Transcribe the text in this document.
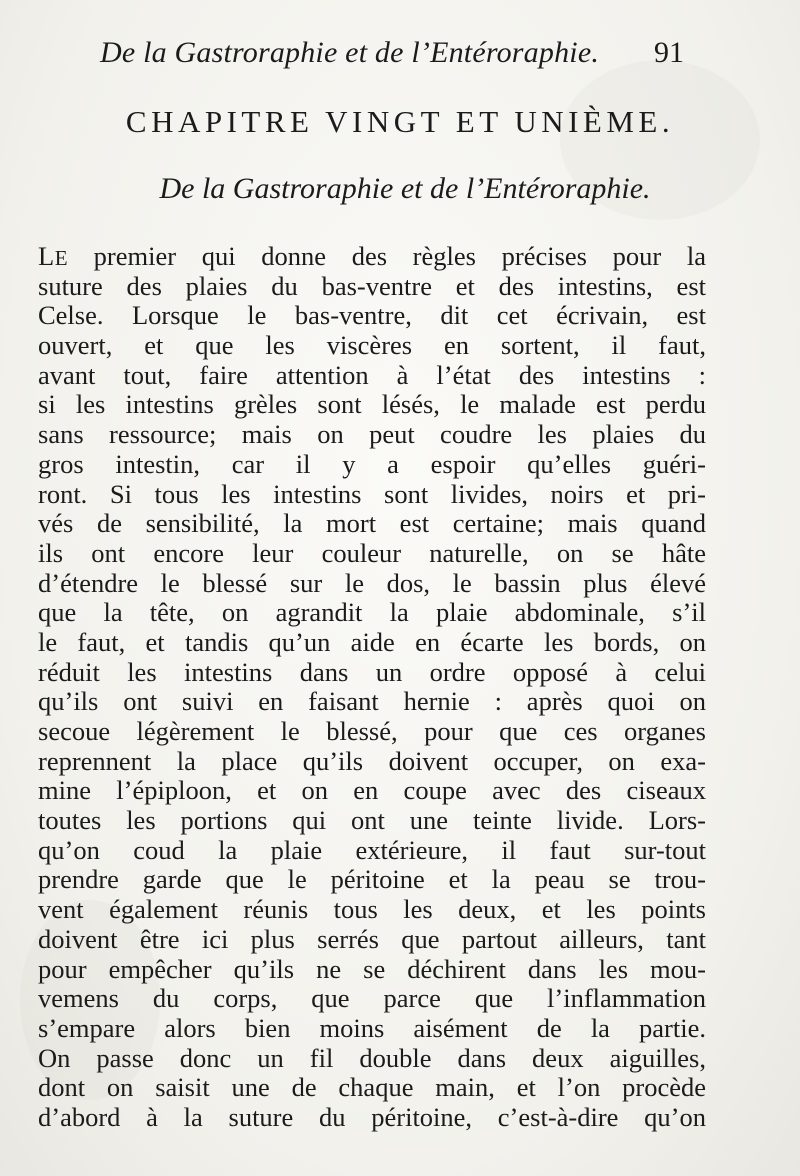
De la Gastroraphie et de l’Entéroraphie. 91
CHAPITRE VINGT ET UNIÈME.
De la Gastroraphie et de l’Entéroraphie.
LE premier qui donne des règles précises pour la
suture des plaies du bas-ventre et des intestins, est
Celse. Lorsque le bas-ventre, dit cet écrivain, est
ouvert, et que les viscères en sortent, il faut,
avant tout, faire attention à l’état des intestins :
si les intestins grèles sont lésés, le malade est perdu
sans ressource; mais on peut coudre les plaies du
gros intestin, car il y a espoir qu’elles guéri-
ront. Si tous les intestins sont livides, noirs et pri-
vés de sensibilité, la mort est certaine; mais quand
ils ont encore leur couleur naturelle, on se hâte
d’étendre le blessé sur le dos, le bassin plus élevé
que la tête, on agrandit la plaie abdominale, s’il
le faut, et tandis qu’un aide en écarte les bords, on
réduit les intestins dans un ordre opposé à celui
qu’ils ont suivi en faisant hernie : après quoi on
secoue légèrement le blessé, pour que ces organes
reprennent la place qu’ils doivent occuper, on exa-
mine l’épiploon, et on en coupe avec des ciseaux
toutes les portions qui ont une teinte livide. Lors-
qu’on coud la plaie extérieure, il faut sur-tout
prendre garde que le péritoine et la peau se trou-
vent également réunis tous les deux, et les points
doivent être ici plus serrés que partout ailleurs, tant
pour empêcher qu’ils ne se déchirent dans les mou-
vemens du corps, que parce que l’inflammation
s’empare alors bien moins aisément de la partie.
On passe donc un fil double dans deux aiguilles,
dont on saisit une de chaque main, et l’on procède
d’abord à la suture du péritoine, c’est-à-dire qu’on
